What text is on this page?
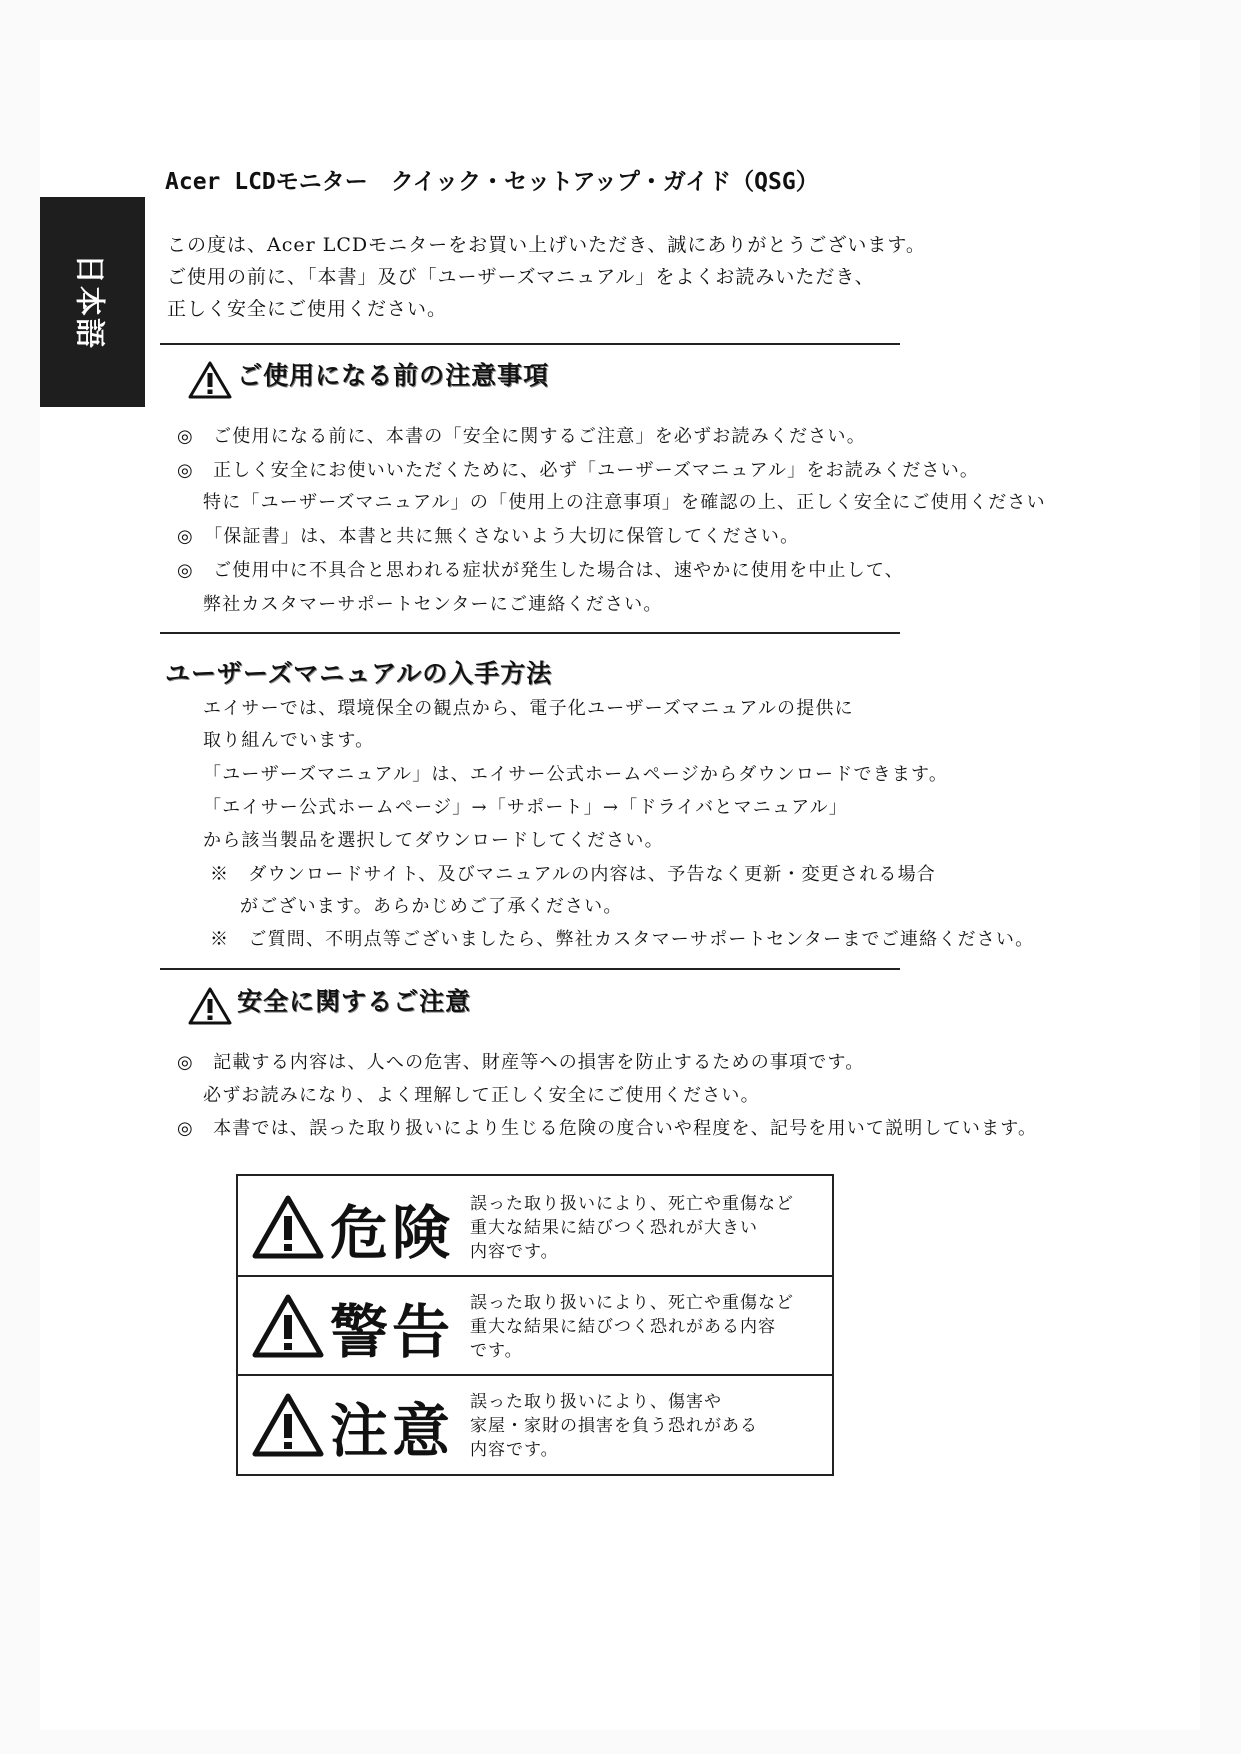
日本語
Acer LCDモニター　クイック・セットアップ・ガイド（QSG）
この度は、Acer LCDモニターをお買い上げいただき、誠にありがとうございます。
ご使用の前に、「本書」及び「ユーザーズマニュアル」をよくお読みいただき、
正しく安全にご使用ください。
ご使用になる前の注意事項
◎　ご使用になる前に、本書の「安全に関するご注意」を必ずお読みください。
◎　正しく安全にお使いいただくために、必ず「ユーザーズマニュアル」をお読みください。
特に「ユーザーズマニュアル」の「使用上の注意事項」を確認の上、正しく安全にご使用ください
◎　「保証書」は、本書と共に無くさないよう大切に保管してください。
◎　ご使用中に不具合と思われる症状が発生した場合は、速やかに使用を中止して、
弊社カスタマーサポートセンターにご連絡ください。
ユーザーズマニュアルの入手方法
エイサーでは、環境保全の観点から、電子化ユーザーズマニュアルの提供に
取り組んでいます。
「ユーザーズマニュアル」は、エイサー公式ホームページからダウンロードできます。
「エイサー公式ホームページ」→「サポート」→「ドライバとマニュアル」
から該当製品を選択してダウンロードしてください。
※　ダウンロードサイト、及びマニュアルの内容は、予告なく更新・変更される場合
がございます。あらかじめご了承ください。
※　ご質問、不明点等ございましたら、弊社カスタマーサポートセンターまでご連絡ください。
安全に関するご注意
◎　記載する内容は、人への危害、財産等への損害を防止するための事項です。
必ずお読みになり、よく理解して正しく安全にご使用ください。
◎　本書では、誤った取り扱いにより生じる危険の度合いや程度を、記号を用いて説明しています。
危険 誤った取り扱いにより、死亡や重傷など
重大な結果に結びつく恐れが大きい
内容です。
警告 誤った取り扱いにより、死亡や重傷など
重大な結果に結びつく恐れがある内容
です。
注意 誤った取り扱いにより、傷害や
家屋・家財の損害を負う恐れがある
内容です。
